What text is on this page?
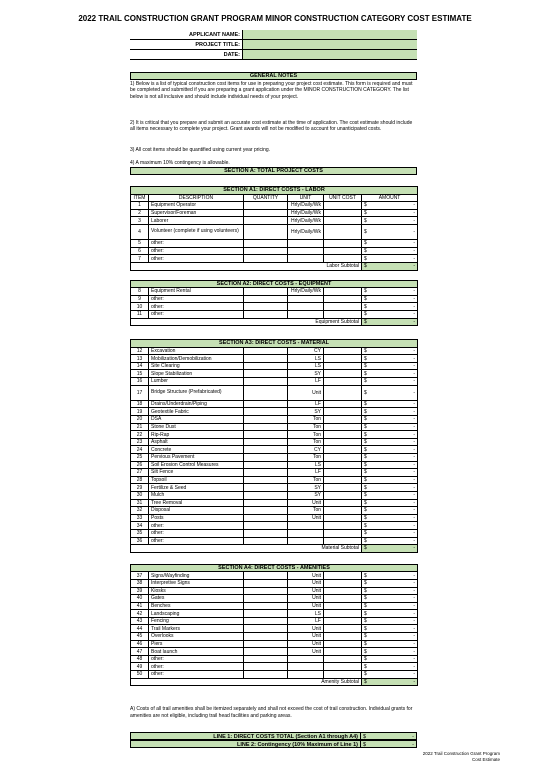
2022 TRAIL CONSTRUCTION GRANT PROGRAM MINOR CONSTRUCTION CATEGORY COST ESTIMATE
APPLICANT NAME:
PROJECT TITLE:
DATE:
GENERAL NOTES
1) Below is a list of typical construction cost items for use in preparing your project cost estimate. This form is required and must be completed and submitted if you are preparing a grant application under the MINOR CONSTRUCTION CATEGORY. The list below is not all inclusive and should include individual needs of your project.
2) It is critical that you prepare and submit an accurate cost estimate at the time of application. The cost estimate should include all items necessary to complete your project. Grant awards will not be modified to account for unanticipated costs.
3) All cost items should be quantified using current year pricing.
4) A maximum 10% contingency is allowable.
SECTION A: TOTAL PROJECT COSTS
SECTION A1: DIRECT COSTS - LABOR					
ITEM	DESCRIPTION	QUANTITY	UNIT	UNIT COST	AMOUNT
1	Equipment Operator		Hrly/Daily/Wk		$ -

2	Supervisor/Foreman		Hrly/Daily/Wk		$ -

3	Laborer		Hrly/Daily/Wk		$ -

4	Volunteer (complete if using volunteers)		Hrly/Daily/Wk		$ -

5	other:				$ -

6	other:				$ -

7	other:				$ -

Labor Subtotal					$ -

SECTION A2: DIRECT COSTS - EQUIPMENT					
8	Equipment Rental		Hrly/Daily/Wk		$ -

9	other:				$ -

10	other:				$ -

11	other:				$ -

Equipment Subtotal					$ -

SECTION A3: DIRECT COSTS - MATERIAL					
12	Excavation		CY		$ -

13	Mobilization/Demobilization		LS		$ -

14	Site Clearing		LS		$ -

15	Slope Stabilization		SY		$ -

16	Lumber		LF		$ -

17	Bridge Structure (Prefabricated)		Unit		$ -

18	Drains/Underdrain/Piping		LF		$ -

19	Geotextile Fabric		SY		$ -

20	DSA		Ton		$ -

21	Stone Dust		Ton		$ -

22	Rip-Rap		Ton		$ -

23	Asphalt		Ton		$ -

24	Concrete		CY		$ -

25	Pervious Pavement		Ton		$ -

26	Soil Erosion Control Measures		LS		$ -

27	Silt Fence		LF		$ -

28	Topsoil		Ton		$ -

29	Fertilize & Seed		SY		$ -

30	Mulch		SY		$ -

31	Tree Removal		Unit		$ -

32	Disposal		Ton		$ -

33	Posts		Unit		$ -

34	other:				$ -

35	other:				$ -

36	other:				$ -

Material Subtotal					$ -

SECTION A4: DIRECT COSTS - AMENITIES					
37	Signs/Wayfinding		Unit		$ -

38	Interpretive Signs		Unit		$ -

39	Kiosks		Unit		$ -

40	Gates		Unit		$ -

41	Benches		Unit		$ -

42	Landscaping		LS		$ -

43	Fencing		LF		$ -

44	Trail Markers		Unit		$ -

45	Overlooks		Unit		$ -

46	Piers		Unit		$ -

47	Boat launch		Unit		$ -

48	other:				$ -

49	other:				$ -

50	other:				$ -

Amenity Subtotal					$ -
A) Costs of all trail amenities shall be itemized separately and shall not exceed the cost of trail construction. Individual grants for amenities are not eligible, including trail head facilities and parking areas.
LINE 1: DIRECT COSTS TOTAL (Section A1 through A4) $	-
LINE 2: Contingency (10% Maximum of Line 1) $	-
2022 Trail Construction Grant Program
Cost Estimate
